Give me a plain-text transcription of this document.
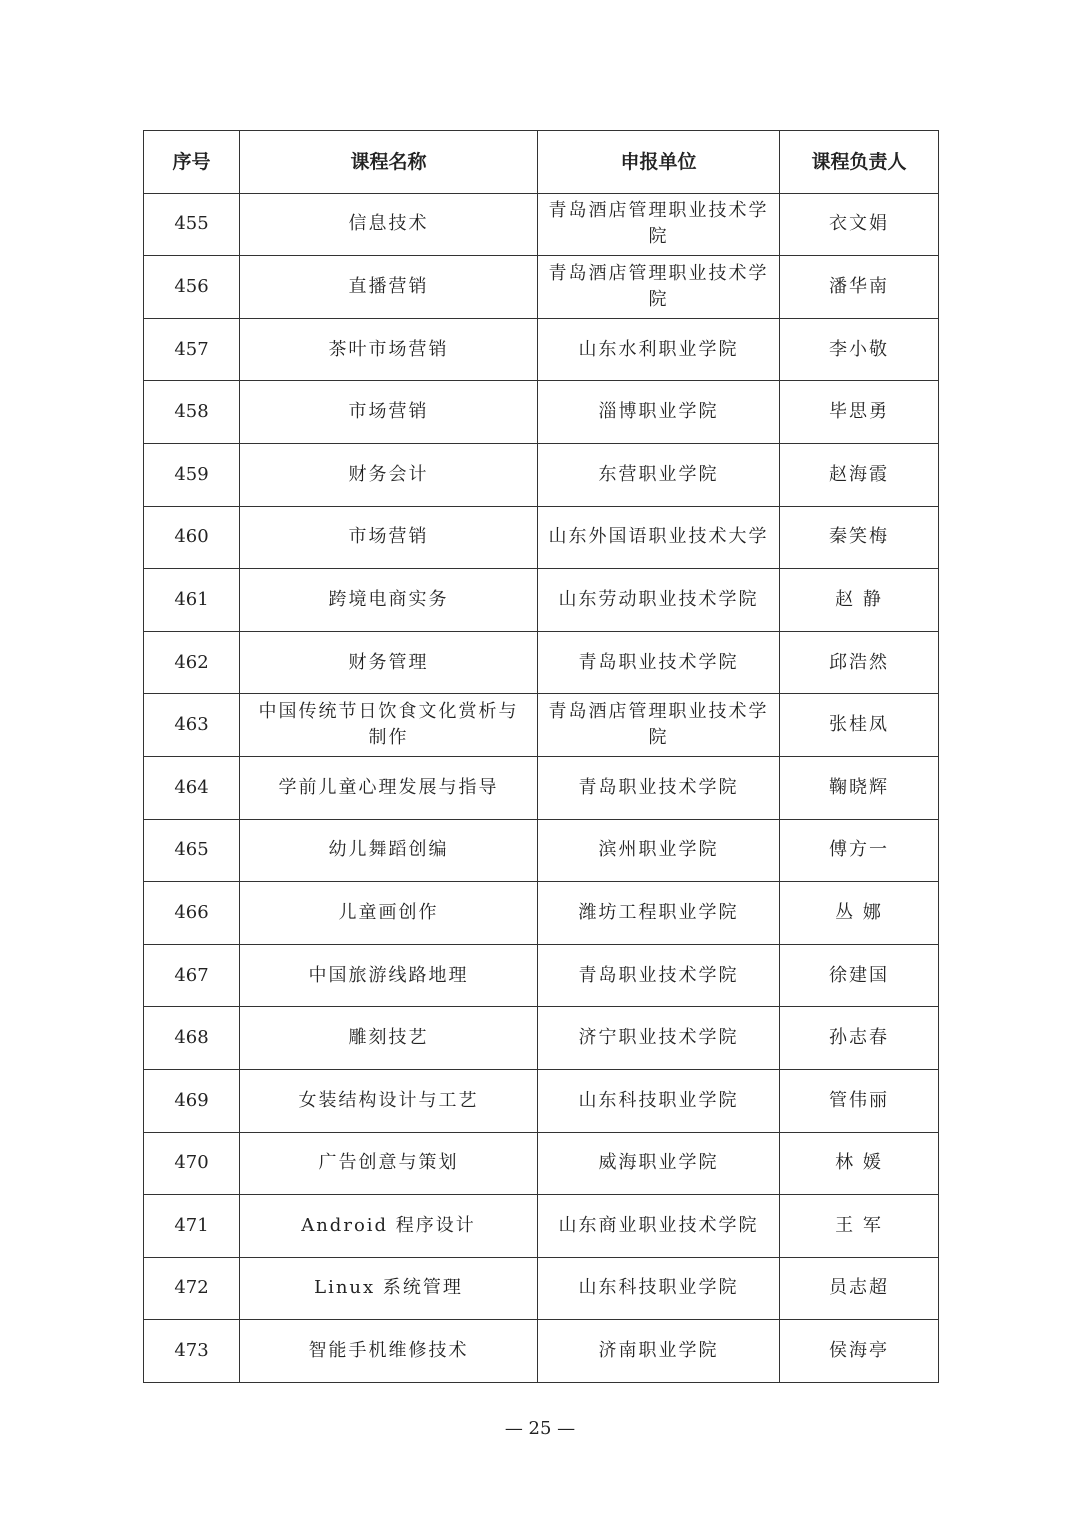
序号	课程名称	申报单位	课程负责人
455	信息技术	青岛酒店管理职业技术学院	衣文娟
456	直播营销	青岛酒店管理职业技术学院	潘华南
457	茶叶市场营销	山东水利职业学院	李小敬
458	市场营销	淄博职业学院	毕思勇
459	财务会计	东营职业学院	赵海霞
460	市场营销	山东外国语职业技术大学	秦笑梅
461	跨境电商实务	山东劳动职业技术学院	赵 静
462	财务管理	青岛职业技术学院	邱浩然
463	中国传统节日饮食文化赏析与制作	青岛酒店管理职业技术学院	张桂凤
464	学前儿童心理发展与指导	青岛职业技术学院	鞠晓辉
465	幼儿舞蹈创编	滨州职业学院	傅方一
466	儿童画创作	潍坊工程职业学院	丛 娜
467	中国旅游线路地理	青岛职业技术学院	徐建国
468	雕刻技艺	济宁职业技术学院	孙志春
469	女装结构设计与工艺	山东科技职业学院	管伟丽
470	广告创意与策划	威海职业学院	林 媛
471	Android 程序设计	山东商业职业技术学院	王 军
472	Linux 系统管理	山东科技职业学院	员志超
473	智能手机维修技术	济南职业学院	侯海亭
— 25 —
